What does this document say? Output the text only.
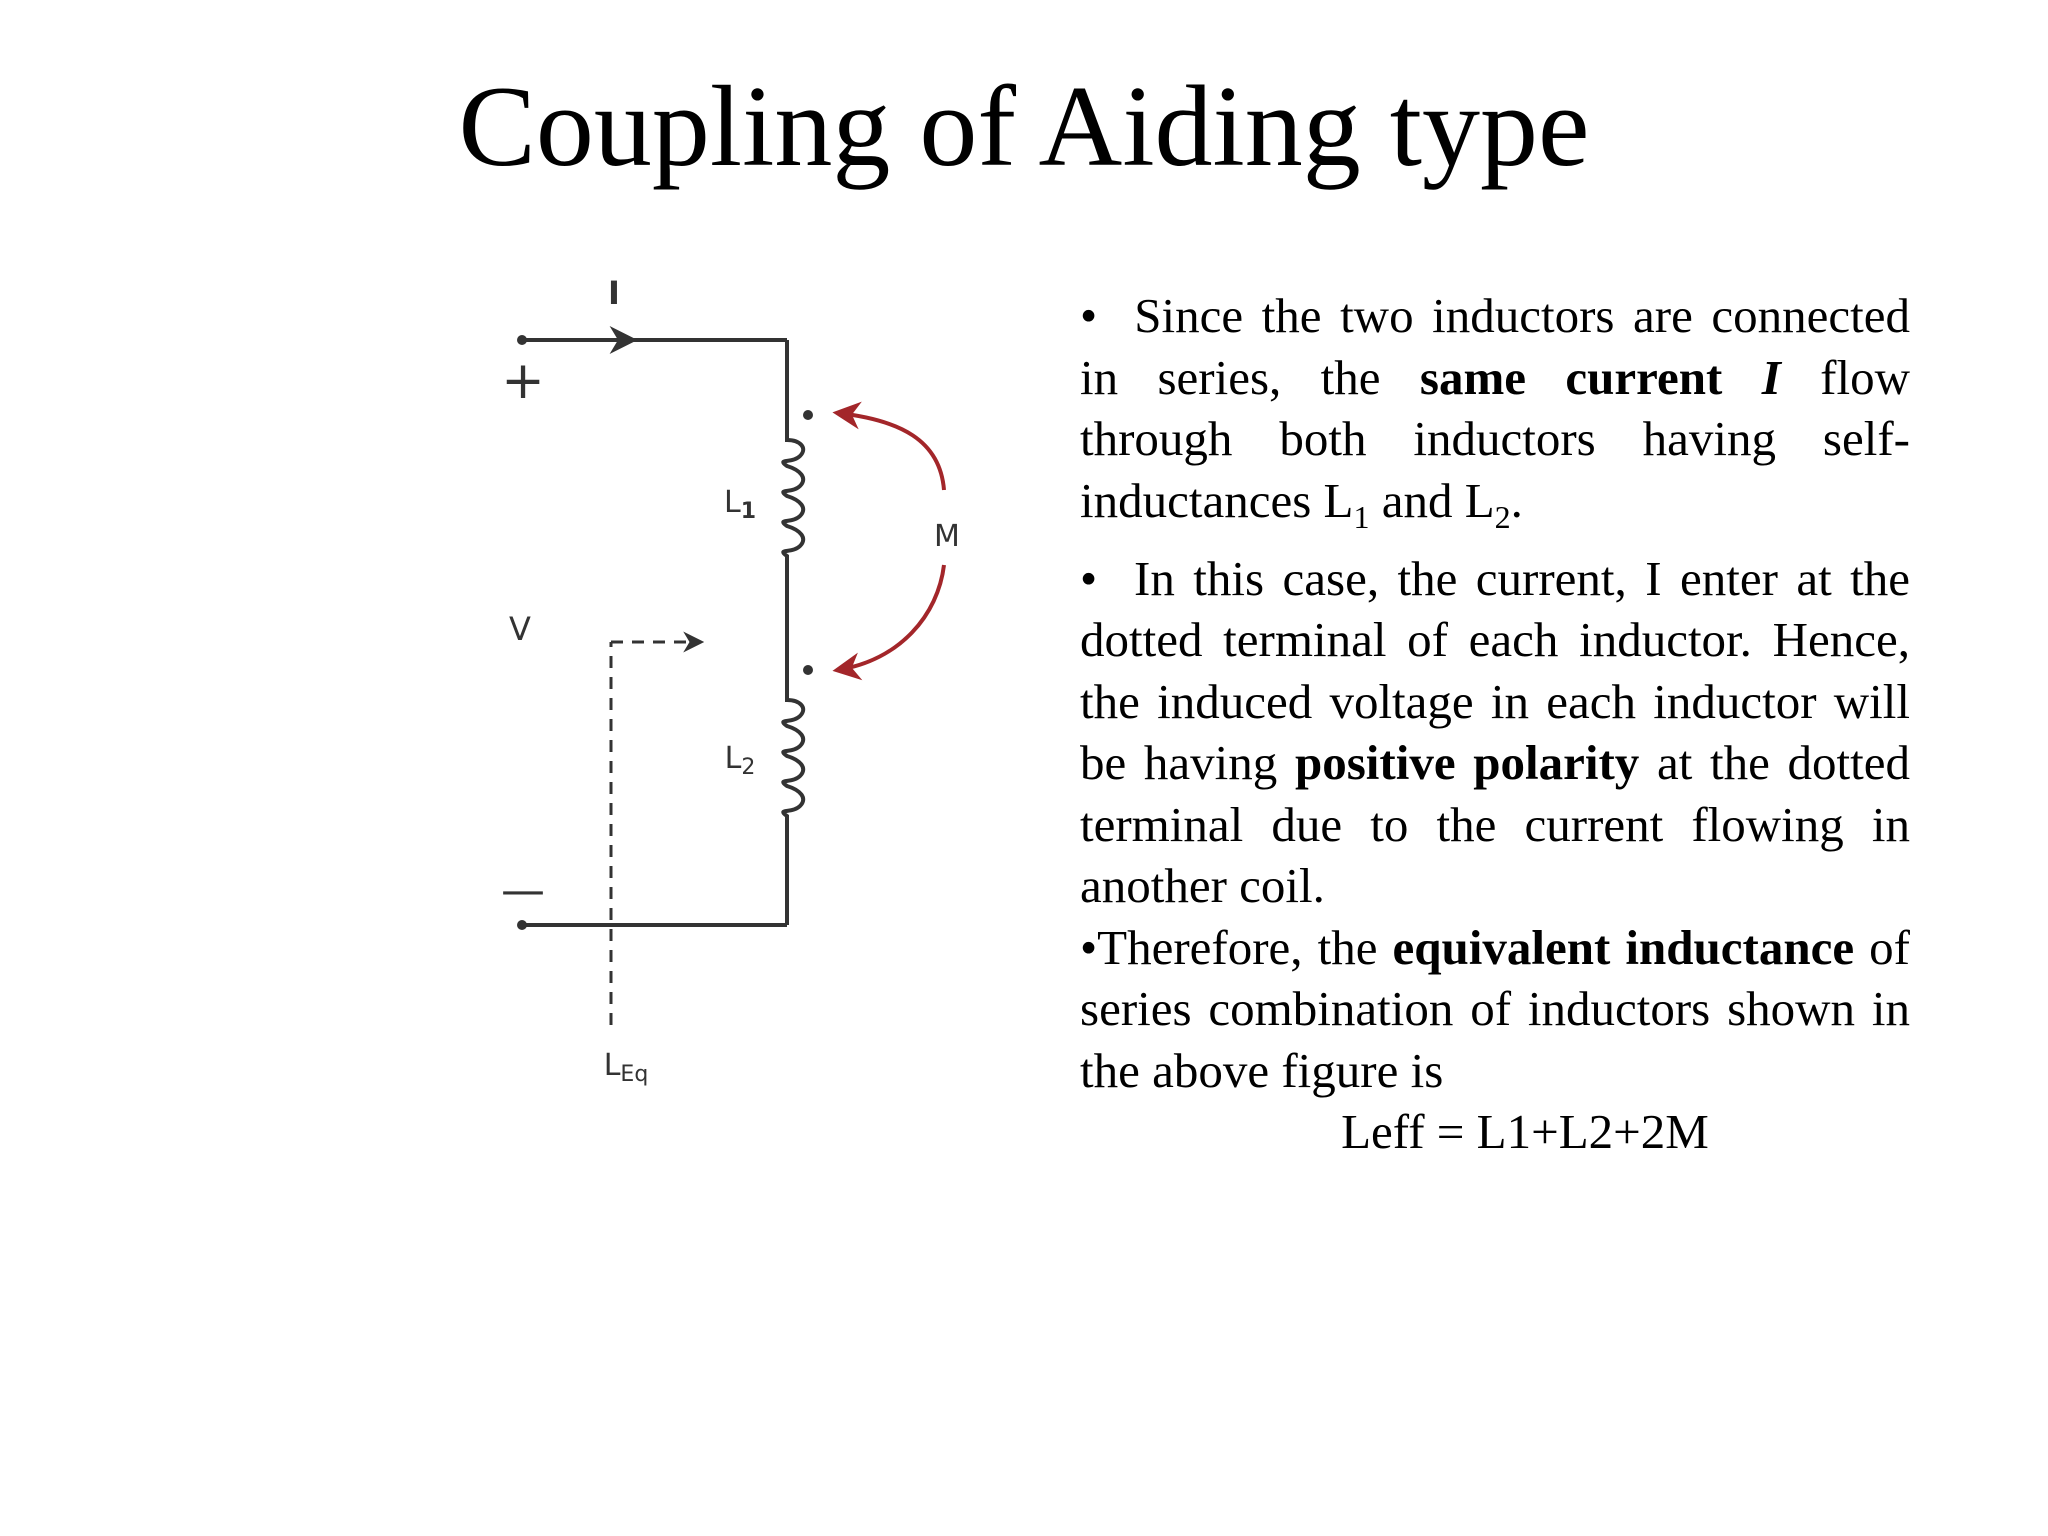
Coupling of Aiding type
I
+
$L_1$
$L_2$
—
V
$L_{Eq}$
M

• Since the two inductors are connected in series, the same current I flow through both inductors having self-inductances $L_1$ and $L_2$.

• In this case, the current, I enter at the dotted terminal of each inductor. Hence, the induced voltage in each inductor will be having positive polarity at the dotted terminal due to the current flowing in another coil.

•Therefore, the equivalent inductance of series combination of inductors shown in the above figure is

Leff = L1+L2+2M
